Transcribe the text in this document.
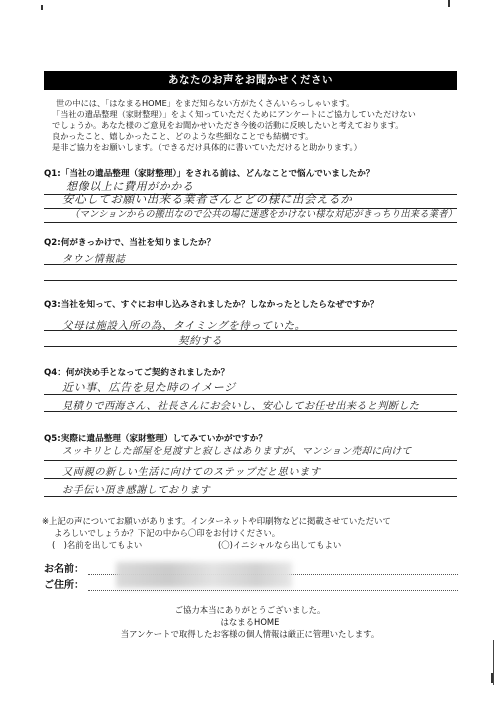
あなたのお声をお聞かせください
世の中には、「はなまるHOME」をまだ知らない方がたくさんいらっしゃいます。
「当社の遺品整理（家財整理）」をよく知っていただくためにアンケートにご協力していただけない
でしょうか。あなた様のご意見をお聞かせいただき今後の活動に反映したいと考えております。
良かったこと、嬉しかったこと、どのような些細なことでも結構です。
是非ご協力をお願いします。（できるだけ具体的に書いていただけると助かります。）
Q1:「当社の遺品整理（家財整理）」をされる前は、どんなことで悩んでいましたか？
想像以上に費用がかかる
安心してお願い出来る業者さんとどの様に出会えるか
（マンションからの搬出なので公共の場に迷惑をかけない様な対応がきっちり出来る業者）
Q2:何がきっかけで、当社を知りましたか？
タウン情報誌
Q3:当社を知って、すぐにお申し込みされましたか？しなかったとしたらなぜですか？
父母は施設入所の為、タイミングを待っていた。
契約する
Q4：何が決め手となってご契約されましたか？
近い事、広告を見た時のイメージ
見積りで西海さん、社長さんにお会いし、安心してお任せ出来ると判断した
Q5:実際に遺品整理（家財整理）してみていかがですか？
スッキリとした部屋を見渡すと寂しさはありますが、マンション売却に向けて
又両親の新しい生活に向けてのステップだと思います
お手伝い頂き感謝しております
※上記の声についてお願いがあります。インターネットや印刷物などに掲載させていただいて
よろしいでしょうか？下記の中から〇印をお付けください。
(　)名前を出してもよい	(〇)イニシャルなら出してもよい
お名前：
ご住所：
ご協力本当にありがとうございました。
はなまるHOME
当アンケートで取得したお客様の個人情報は厳正に管理いたします。
